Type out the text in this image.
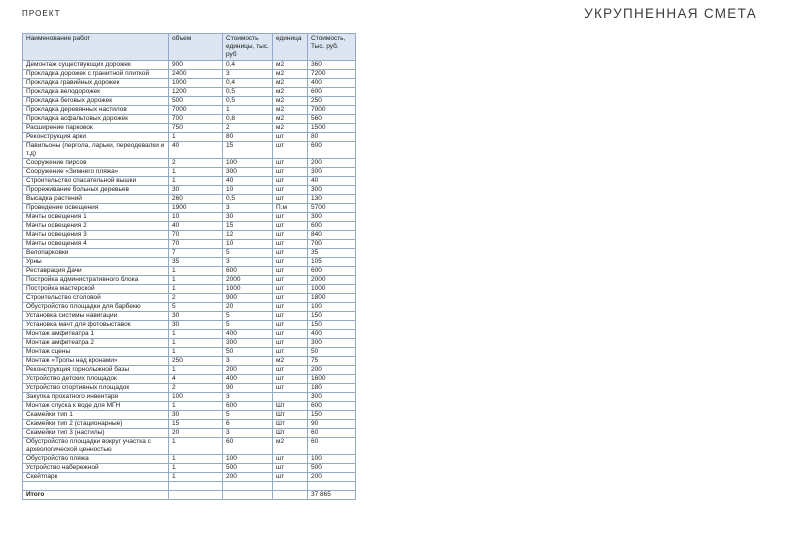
ПРОЕКТ	УКРУПНЕННАЯ СМЕТА
Наименование работ	объем	Стоимость единицы, тыс. руб	единица	Стоимость, Тыс. руб.
Демонтаж существующих дорожек	900	0,4	м2	360
Прокладка дорожек с гранитной плиткой	2400	3	м2	7200
Прокладка гравийных дорожек	1000	0,4	м2	400
Прокладка велодорожек	1200	0,5	м2	600
Прокладка беговых дорожек	500	0,5	м2	250
Прокладка деревянных настилов	7000	1	м2	7000
Прокладка асфальтовых дорожек	700	0,8	м2	560
Расширение парковок	750	2	м2	1500
Реконструкция арки	1	80	шт	80
Павильоны (пергола, ларьки, переодевалки и т.д)	40	15	шт	600
Сооружение пирсов	2	100	шт	200
Сооружение «Зимнего пляжа»	1	300	шт	300
Строительство спасательной вышки	1	40	шт	40
Прореживание больных деревьев	30	10	шт	300
Высадка растений	260	0,5	шт	130
Проведение освещения	1900	3	П.м	5700
Мачты освещения 1	10	30	шт	300
Мачты освещения 2	40	15	шт	600
Мачты освещения 3	70	12	шт	840
Мачты освещения 4	70	10	шт	700
Велопарковки	7	5	шт	35
Урны	35	3	шт	105
Реставрация Дачи	1	600	шт	600
Постройка административного блока	1	2000	шт	2000
Постройка мастерской	1	1000	шт	1000
Строительство столовой	2	900	шт	1800
Обустройство площадки для барбекю	5	20	шт	100
Установка системы навигации	30	5	шт	150
Установка мачт для фотовыставок	30	5	шт	150
Монтаж амфитеатра 1	1	400	шт	400
Монтаж амфитеатра 2	1	300	шт	300
Монтаж сцены	1	50	шт	50
Монтаж «Тропы над кронами»	250	3	м2	75
Реконструкция горнолыжной базы	1	200	шт	200
Устройство детских площадок	4	400	шт	1600
Устройство спортивных площадок	2	90	шт	180
Закупка прокатного инвентаря	100	3		300
Монтаж спуска к воде для МГН	1	600	Шт	600
Скамейки тип 1	30	5	Шт	150
Скамейки тип 2 (стационарные)	15	6	Шт	90
Скамейки тип 3 (настилы)	20	3	Шт	60
Обустройство площадки вокруг участка с археологической ценностью	1	60	м2	60
Обустройство пляжа	1	100	шт	100
Устройство набережной	1	500	шт	500
Скейтпарк	1	200	шт	200

Итого				37 865
